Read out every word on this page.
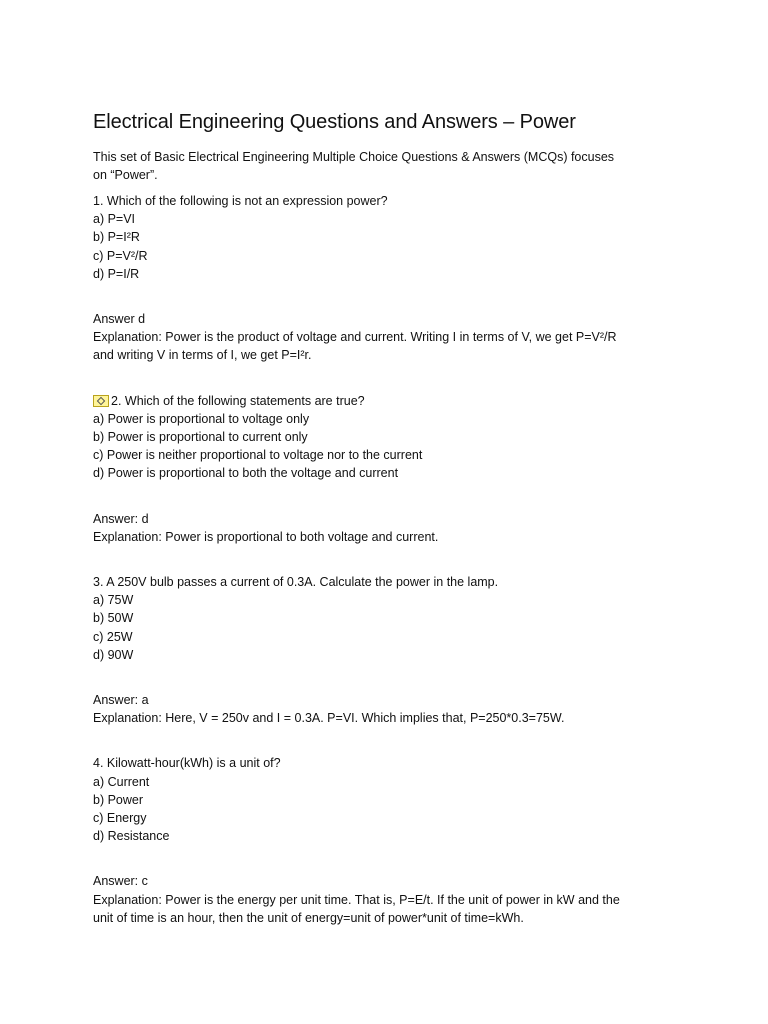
Electrical Engineering Questions and Answers – Power

This set of Basic Electrical Engineering Multiple Choice Questions & Answers (MCQs) focuses
on “Power”.

1. Which of the following is not an expression power?

a) P=VI

b) P=I²R

c) P=V²/R

d) P=I/R

Answer d

Explanation: Power is the product of voltage and current. Writing I in terms of V, we get P=V²/R

and writing V in terms of I, we get P=I²r.

2. Which of the following statements are true?

a) Power is proportional to voltage only

b) Power is proportional to current only

c) Power is neither proportional to voltage nor to the current

d) Power is proportional to both the voltage and current

Answer: d

Explanation: Power is proportional to both voltage and current.

3. A 250V bulb passes a current of 0.3A. Calculate the power in the lamp.

a) 75W

b) 50W

c) 25W

d) 90W

Answer: a

Explanation: Here, V = 250v and I = 0.3A. P=VI. Which implies that, P=250*0.3=75W.

4. Kilowatt-hour(kWh) is a unit of?

a) Current

b) Power

c) Energy

d) Resistance

Answer: c

Explanation: Power is the energy per unit time. That is, P=E/t. If the unit of power in kW and the

unit of time is an hour, then the unit of energy=unit of power*unit of time=kWh.
